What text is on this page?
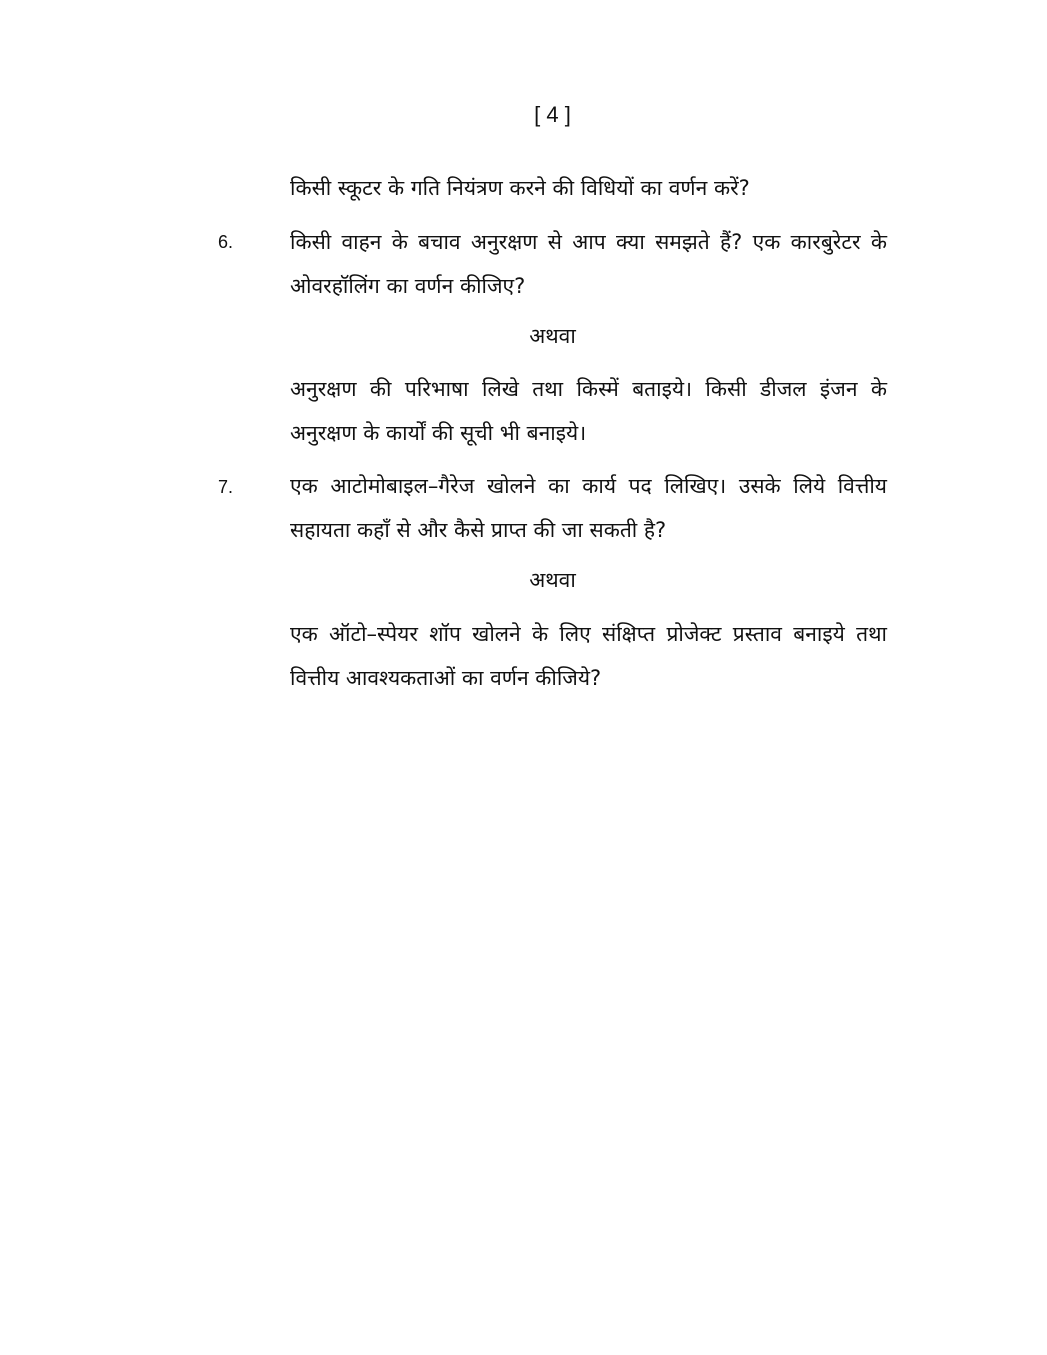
[ 4 ]
किसी स्कूटर के गति नियंत्रण करने की विधियों का वर्णन करें?
6.	किसी वाहन के बचाव अनुरक्षण से आप क्या समझते हैं? एक कारबुरेटर के ओवरहॉलिंग का वर्णन कीजिए?
अथवा
अनुरक्षण की परिभाषा लिखे तथा किस्में बताइये। किसी डीजल इंजन के अनुरक्षण के कार्यों की सूची भी बनाइये।
7.	एक आटोमोबाइल–गैरेज खोलने का कार्य पद लिखिए। उसके लिये वित्तीय सहायता कहाँ से और कैसे प्राप्त की जा सकती है?
अथवा
एक ऑटो–स्पेयर शॉप खोलने के लिए संक्षिप्त प्रोजेक्ट प्रस्ताव बनाइये तथा वित्तीय आवश्यकताओं का वर्णन कीजिये?
